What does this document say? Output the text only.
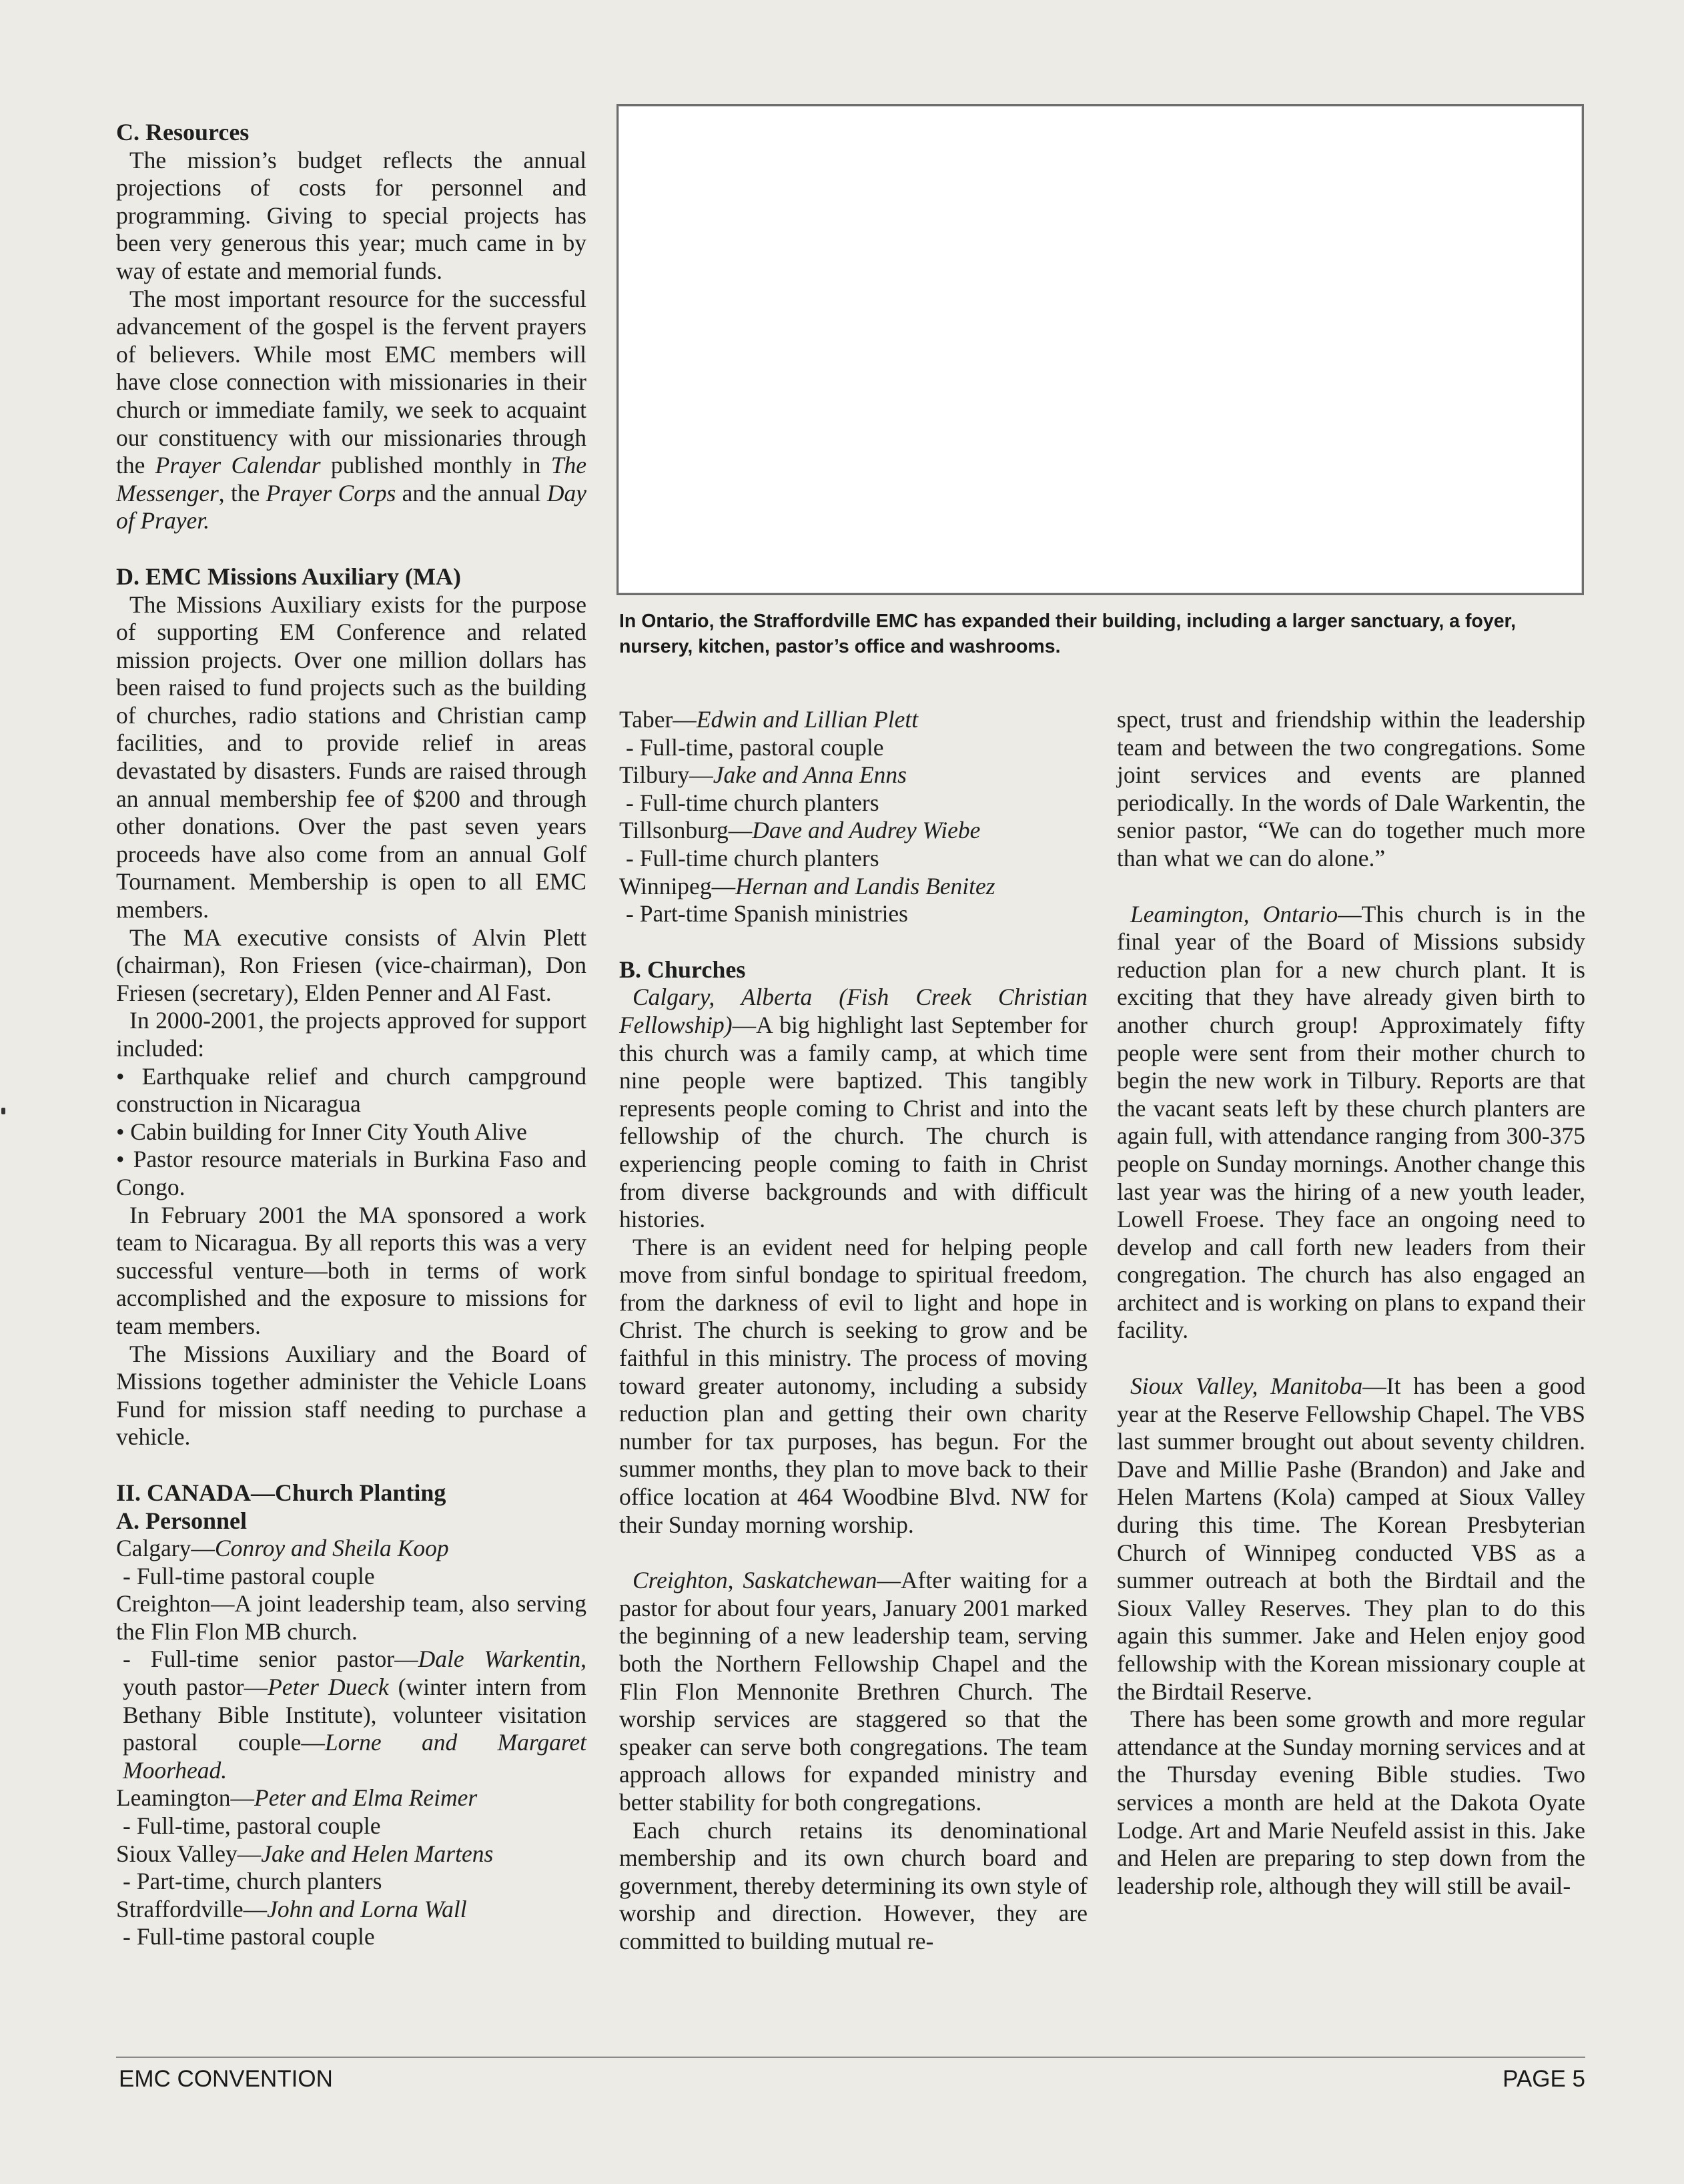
C. Resources

The mission’s budget reflects the annual projections of costs for personnel and programming. Giving to special projects has been very generous this year; much came in by way of estate and memorial funds.

The most important resource for the successful advancement of the gospel is the fervent prayers of believers. While most EMC members will have close connection with missionaries in their church or immediate family, we seek to acquaint our constituency with our missionaries through the Prayer Calendar published monthly in The Messenger, the Prayer Corps and the annual Day of Prayer.

D. EMC Missions Auxiliary (MA)

The Missions Auxiliary exists for the purpose of supporting EM Conference and related mission projects. Over one million dollars has been raised to fund projects such as the building of churches, radio stations and Christian camp facilities, and to provide relief in areas devastated by disasters. Funds are raised through an annual membership fee of $200 and through other donations. Over the past seven years proceeds have also come from an annual Golf Tournament. Membership is open to all EMC members.

The MA executive consists of Alvin Plett (chairman), Ron Friesen (vice-chairman), Don Friesen (secretary), Elden Penner and Al Fast.

In 2000-2001, the projects approved for support included:

• Earthquake relief and church campground construction in Nicaragua

• Cabin building for Inner City Youth Alive

• Pastor resource materials in Burkina Faso and Congo.

In February 2001 the MA sponsored a work team to Nicaragua. By all reports this was a very successful venture—both in terms of work accomplished and the exposure to missions for team members.

The Missions Auxiliary and the Board of Missions together administer the Vehicle Loans Fund for mission staff needing to purchase a vehicle.

II. CANADA—Church Planting
A. Personnel

Calgary—Conroy and Sheila Koop

- Full-time pastoral couple

Creighton—A joint leadership team, also serving the Flin Flon MB church.

- Full-time senior pastor—Dale Warkentin, youth pastor—Peter Dueck (winter intern from Bethany Bible Institute), volunteer visitation pastoral couple—Lorne and Margaret Moorhead.

Leamington—Peter and Elma Reimer

- Full-time, pastoral couple

Sioux Valley—Jake and Helen Martens

- Part-time, church planters

Straffordville—John and Lorna Wall

- Full-time pastoral couple

In Ontario, the Straffordville EMC has expanded their building, including a larger sanctuary, a foyer, nursery, kitchen, pastor’s office and washrooms.

Taber—Edwin and Lillian Plett

- Full-time, pastoral couple

Tilbury—Jake and Anna Enns

- Full-time church planters

Tillsonburg—Dave and Audrey Wiebe

- Full-time church planters

Winnipeg—Hernan and Landis Benitez

- Part-time Spanish ministries

B. Churches

Calgary, Alberta (Fish Creek Christian Fellowship)—A big highlight last September for this church was a family camp, at which time nine people were baptized. This tangibly represents people coming to Christ and into the fellowship of the church. The church is experiencing people coming to faith in Christ from diverse backgrounds and with difficult histories.

There is an evident need for helping people move from sinful bondage to spiritual freedom, from the darkness of evil to light and hope in Christ. The church is seeking to grow and be faithful in this ministry. The process of moving toward greater autonomy, including a subsidy reduction plan and getting their own charity number for tax purposes, has begun. For the summer months, they plan to move back to their office location at 464 Woodbine Blvd. NW for their Sunday morning worship.

Creighton, Saskatchewan—After waiting for a pastor for about four years, January 2001 marked the beginning of a new leadership team, serving both the Northern Fellowship Chapel and the Flin Flon Mennonite Brethren Church. The worship services are staggered so that the speaker can serve both congregations. The team approach allows for expanded ministry and better stability for both congregations.

Each church retains its denominational membership and its own church board and government, thereby determining its own style of worship and direction. However, they are committed to building mutual re-

spect, trust and friendship within the leadership team and between the two congregations. Some joint services and events are planned periodically. In the words of Dale Warkentin, the senior pastor, “We can do together much more than what we can do alone.”

Leamington, Ontario—This church is in the final year of the Board of Missions subsidy reduction plan for a new church plant. It is exciting that they have already given birth to another church group! Approximately fifty people were sent from their mother church to begin the new work in Tilbury. Reports are that the vacant seats left by these church planters are again full, with attendance ranging from 300-375 people on Sunday mornings. Another change this last year was the hiring of a new youth leader, Lowell Froese. They face an ongoing need to develop and call forth new leaders from their congregation. The church has also engaged an architect and is working on plans to expand their facility.

Sioux Valley, Manitoba—It has been a good year at the Reserve Fellowship Chapel. The VBS last summer brought out about seventy children. Dave and Millie Pashe (Brandon) and Jake and Helen Martens (Kola) camped at Sioux Valley during this time. The Korean Presbyterian Church of Winnipeg conducted VBS as a summer outreach at both the Birdtail and the Sioux Valley Reserves. They plan to do this again this summer. Jake and Helen enjoy good fellowship with the Korean missionary couple at the Birdtail Reserve.

There has been some growth and more regular attendance at the Sunday morning services and at the Thursday evening Bible studies. Two services a month are held at the Dakota Oyate Lodge. Art and Marie Neufeld assist in this. Jake and Helen are preparing to step down from the leadership role, although they will still be avail-

EMC CONVENTION	PAGE 5
